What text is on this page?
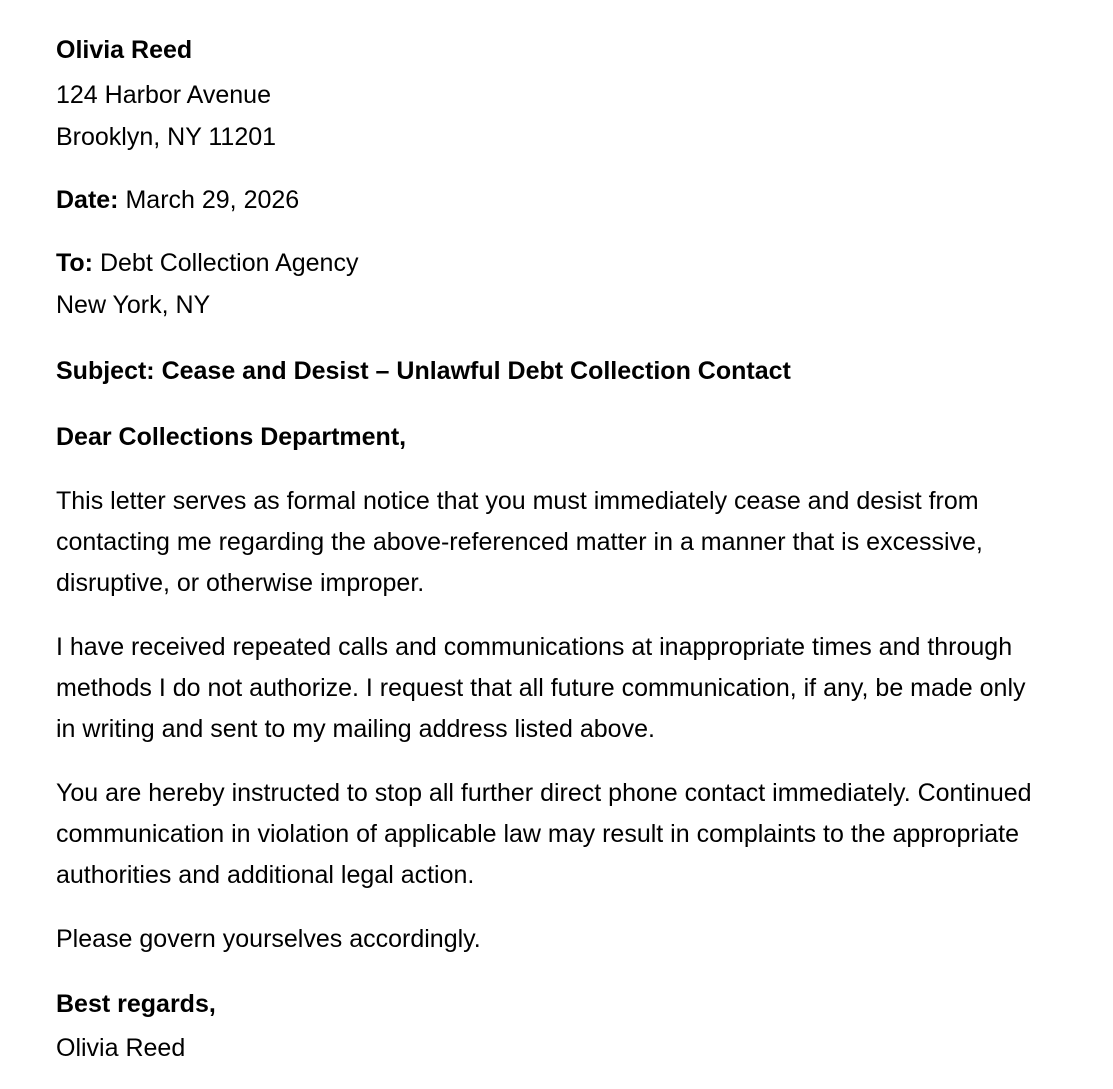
Olivia Reed

124 Harbor Avenue

Brooklyn, NY 11201

Date: March 29, 2026

To: Debt Collection Agency

New York, NY

Subject: Cease and Desist – Unlawful Debt Collection Contact

Dear Collections Department,

This letter serves as formal notice that you must immediately cease and desist from contacting me regarding the above-referenced matter in a manner that is excessive, disruptive, or otherwise improper.

I have received repeated calls and communications at inappropriate times and through methods I do not authorize. I request that all future communication, if any, be made only in writing and sent to my mailing address listed above.

You are hereby instructed to stop all further direct phone contact immediately. Continued communication in violation of applicable law may result in complaints to the appropriate authorities and additional legal action.

Please govern yourselves accordingly.

Best regards,

Olivia Reed
